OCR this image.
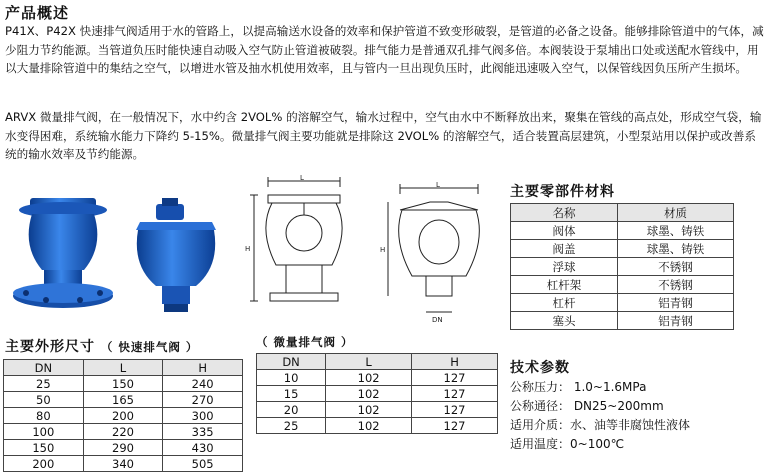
产品概述

P41X、P42X 快速排气阀适用于水的管路上，以提高输送水设备的效率和保护管道不致变形破裂，是管道的必备之设备。能够排除管道中的气体，减少阻力节约能源。当管道负压时能快速自动吸入空气防止管道被破裂。排气能力是普通双孔排气阀多倍。本阀装设于泵埔出口处或送配水管线中，用以大量排除管道中的集结之空气，以增进水管及抽水机使用效率，且与管内一旦出现负压时，此阀能迅速吸入空气，以保管线因负压所产生损坏。

ARVX 微量排气阀，在一般情况下，水中约含 2VOL% 的溶解空气，输水过程中，空气由水中不断释放出来，聚集在管线的高点处，形成空气袋，输水变得困难，系统输水能力下降约 5-15%。微量排气阀主要功能就是排除这 2VOL% 的溶解空气，适合装置高层建筑，小型泵站用以保护或改善系统的输水效率及节约能源。

L
H
L
H
DN
主要零部件材料
名称	材质
阀体	球墨、铸铁
阀盖	球墨、铸铁
浮球	不锈钢
杠杆架	不锈钢
杠杆	铝青钢
塞头	铝青钢
主要外形尺寸 （ 快速排气阀 ）	（ 微量排气阀 ）
DN	L	H
25	150	240
50	165	270
80	200	300
100	220	335
150	290	430
200	340	505
DN	L	H
10	102	127
15	102	127
20	102	127
25	102	127
技术参数
公称压力： 1.0~1.6MPa
公称通径： DN25~200mm
适用介质：水、油等非腐蚀性液体
适用温度：0~100℃
